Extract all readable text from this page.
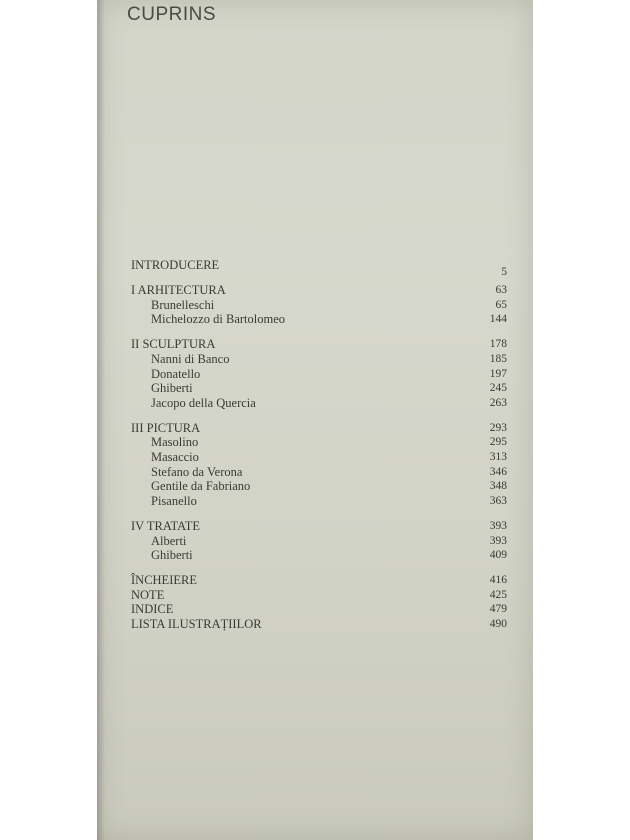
CUPRINS
INTRODUCERE	5
I ARHITECTURA	63
Brunelleschi	65
Michelozzo di Bartolomeo	144
II SCULPTURA	178
Nanni di Banco	185
Donatello	197
Ghiberti	245
Jacopo della Quercia	263
III PICTURA	293
Masolino	295
Masaccio	313
Stefano da Verona	346
Gentile da Fabriano	348
Pisanello	363
IV TRATATE	393
Alberti	393
Ghiberti	409
ÎNCHEIERE	416
NOTE	425
INDICE	479
LISTA ILUSTRAȚIILOR	490
